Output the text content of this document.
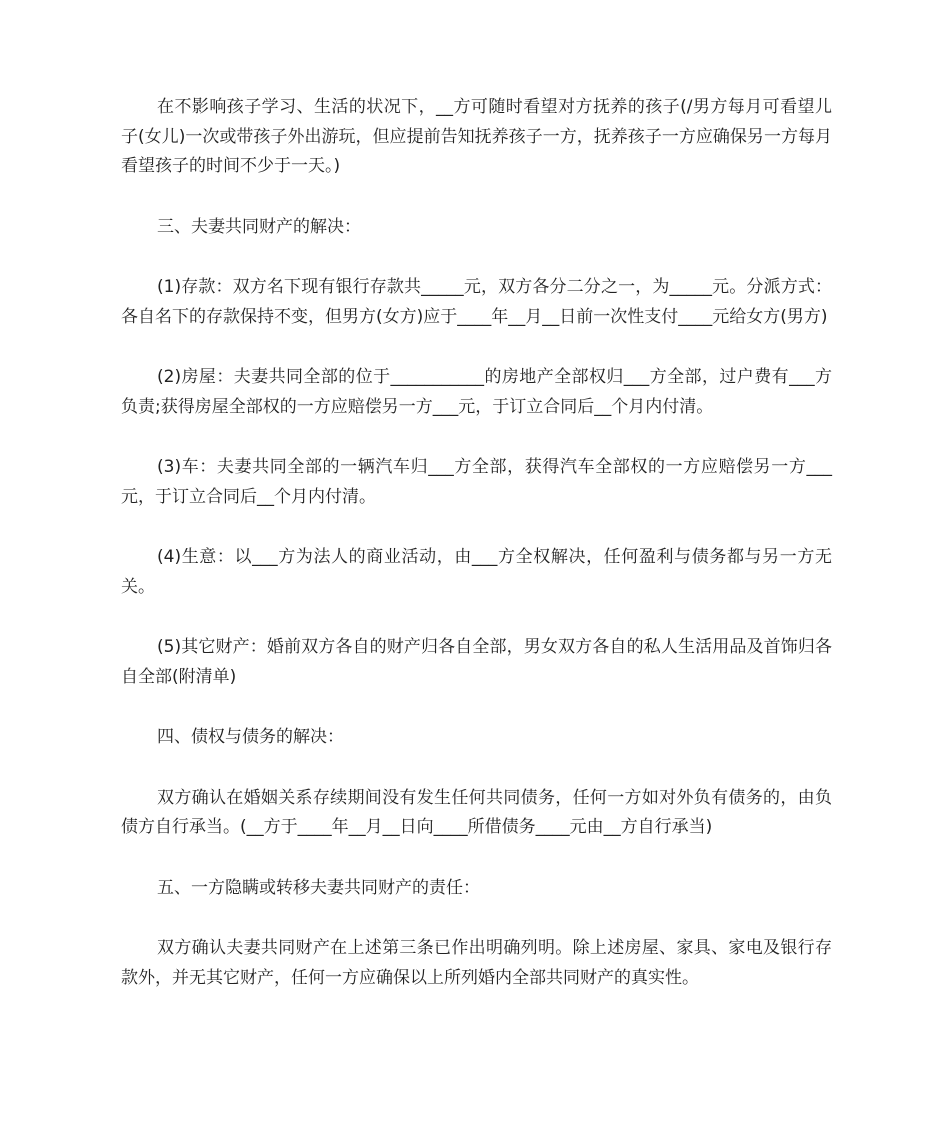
在不影响孩子学习、生活的状况下，__方可随时看望对方抚养的孩子(/男方每月可看望儿子(女儿)一次或带孩子外出游玩，但应提前告知抚养孩子一方，抚养孩子一方应确保另一方每月看望孩子的时间不少于一天。)

三、夫妻共同财产的解决：

(1)存款：双方名下现有银行存款共_____元，双方各分二分之一，为_____元。分派方式：各自名下的存款保持不变，但男方(女方)应于____年__月__日前一次性支付____元给女方(男方)

(2)房屋：夫妻共同全部的位于___________的房地产全部权归___方全部，过户费有___方负责;获得房屋全部权的一方应赔偿另一方___元，于订立合同后__个月内付清。

(3)车：夫妻共同全部的一辆汽车归___方全部，获得汽车全部权的一方应赔偿另一方___元，于订立合同后__个月内付清。

(4)生意：以___方为法人的商业活动，由___方全权解决，任何盈利与债务都与另一方无关。

(5)其它财产：婚前双方各自的财产归各自全部，男女双方各自的私人生活用品及首饰归各自全部(附清单)

四、债权与债务的解决：

双方确认在婚姻关系存续期间没有发生任何共同债务，任何一方如对外负有债务的，由负债方自行承当。(__方于____年__月__日向____所借债务____元由__方自行承当)

五、一方隐瞒或转移夫妻共同财产的责任：

双方确认夫妻共同财产在上述第三条已作出明确列明。除上述房屋、家具、家电及银行存款外，并无其它财产，任何一方应确保以上所列婚内全部共同财产的真实性。
